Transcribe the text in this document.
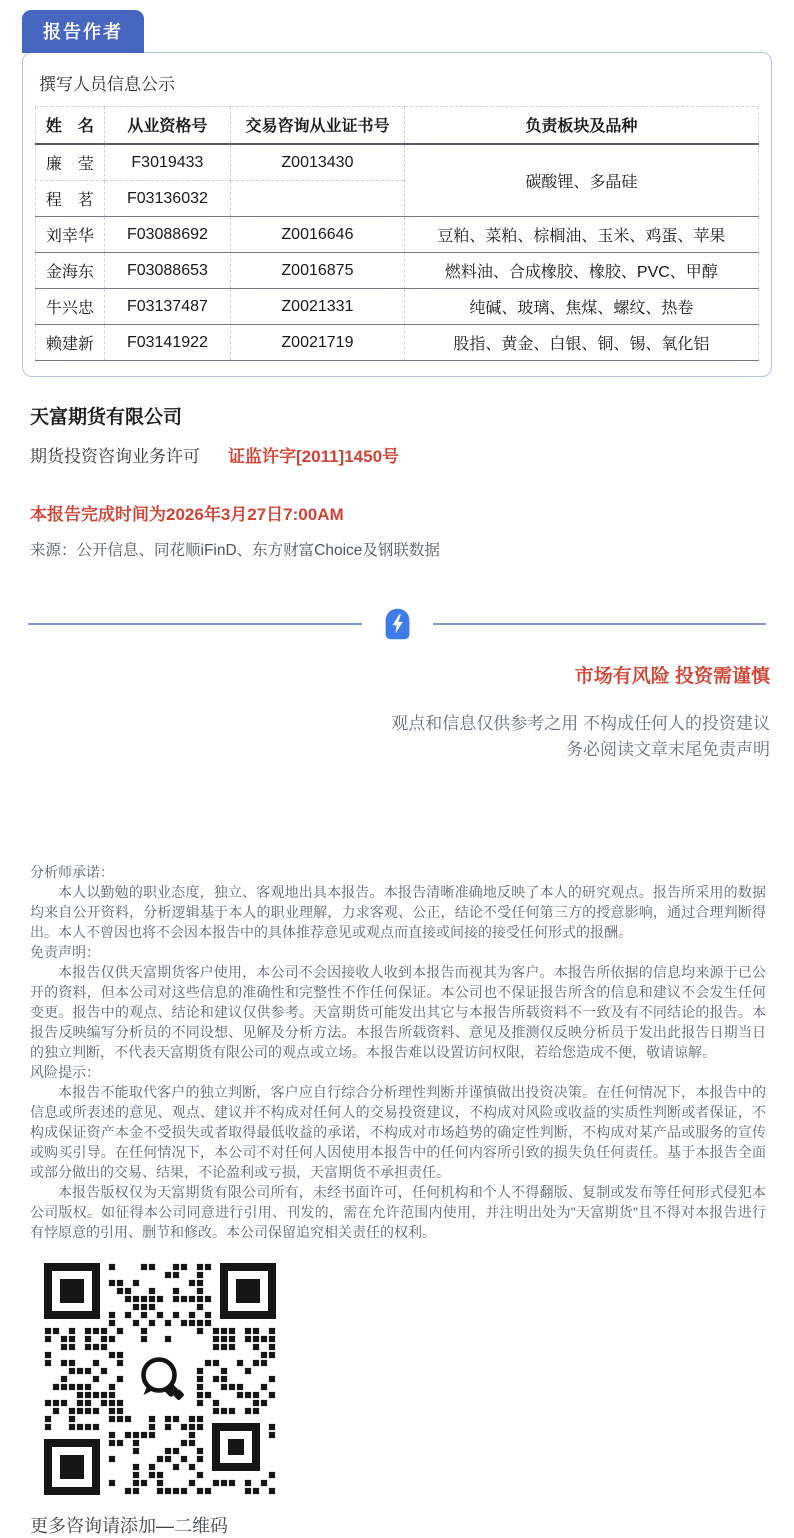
报告作者
撰写人员信息公示
姓　名	从业资格号	交易咨询从业证书号	负责板块及品种
廉　莹	F3019433	Z0013430	碳酸锂、多晶硅
程　茗	F03136032		
刘幸华	F03088692	Z0016646	豆粕、菜粕、棕榈油、玉米、鸡蛋、苹果
金海东	F03088653	Z0016875	燃料油、合成橡胶、橡胶、PVC、甲醇
牛兴忠	F03137487	Z0021331	纯碱、玻璃、焦煤、螺纹、热卷
赖建新	F03141922	Z0021719	股指、黄金、白银、铜、锡、氧化铝
天富期货有限公司
期货投资咨询业务许可 证监许字[2011]1450号
本报告完成时间为2026年3月27日7:00AM
来源：公开信息、同花顺iFinD、东方财富Choice及钢联数据
市场有风险 投资需谨慎
观点和信息仅供参考之用 不构成任何人的投资建议
务必阅读文章末尾免责声明
分析师承诺：

本人以勤勉的职业态度，独立、客观地出具本报告。本报告清晰准确地反映了本人的研究观点。报告所采用的数据均来自公开资料，分析逻辑基于本人的职业理解，力求客观、公正，结论不受任何第三方的授意影响，通过合理判断得出。本人不曾因也将不会因本报告中的具体推荐意见或观点而直接或间接的接受任何形式的报酬。

免责声明：

本报告仅供天富期货客户使用，本公司不会因接收人收到本报告而视其为客户。本报告所依据的信息均来源于已公开的资料，但本公司对这些信息的准确性和完整性不作任何保证。本公司也不保证报告所含的信息和建议不会发生任何变更。报告中的观点、结论和建议仅供参考。天富期货可能发出其它与本报告所载资料不一致及有不同结论的报告。本报告反映编写分析员的不同设想、见解及分析方法。本报告所载资料、意见及推测仅反映分析员于发出此报告日期当日的独立判断，不代表天富期货有限公司的观点或立场。本报告难以设置访问权限，若给您造成不便，敬请谅解。

风险提示：

本报告不能取代客户的独立判断，客户应自行综合分析理性判断并谨慎做出投资决策。在任何情况下，本报告中的信息或所表述的意见、观点、建议并不构成对任何人的交易投资建议，不构成对风险或收益的实质性判断或者保证，不构成保证资产本金不受损失或者取得最低收益的承诺，不构成对市场趋势的确定性判断，不构成对某产品或服务的宣传或购买引导。在任何情况下，本公司不对任何人因使用本报告中的任何内容所引致的损失负任何责任。基于本报告全面或部分做出的交易、结果，不论盈利或亏损，天富期货不承担责任。

本报告版权仅为天富期货有限公司所有，未经书面许可，任何机构和个人不得翻版、复制或发布等任何形式侵犯本公司版权。如征得本公司同意进行引用、刊发的，需在允许范围内使用，并注明出处为"天富期货"且不得对本报告进行有悖原意的引用、删节和修改。本公司保留追究相关责任的权利。

更多咨询请添加—二维码
